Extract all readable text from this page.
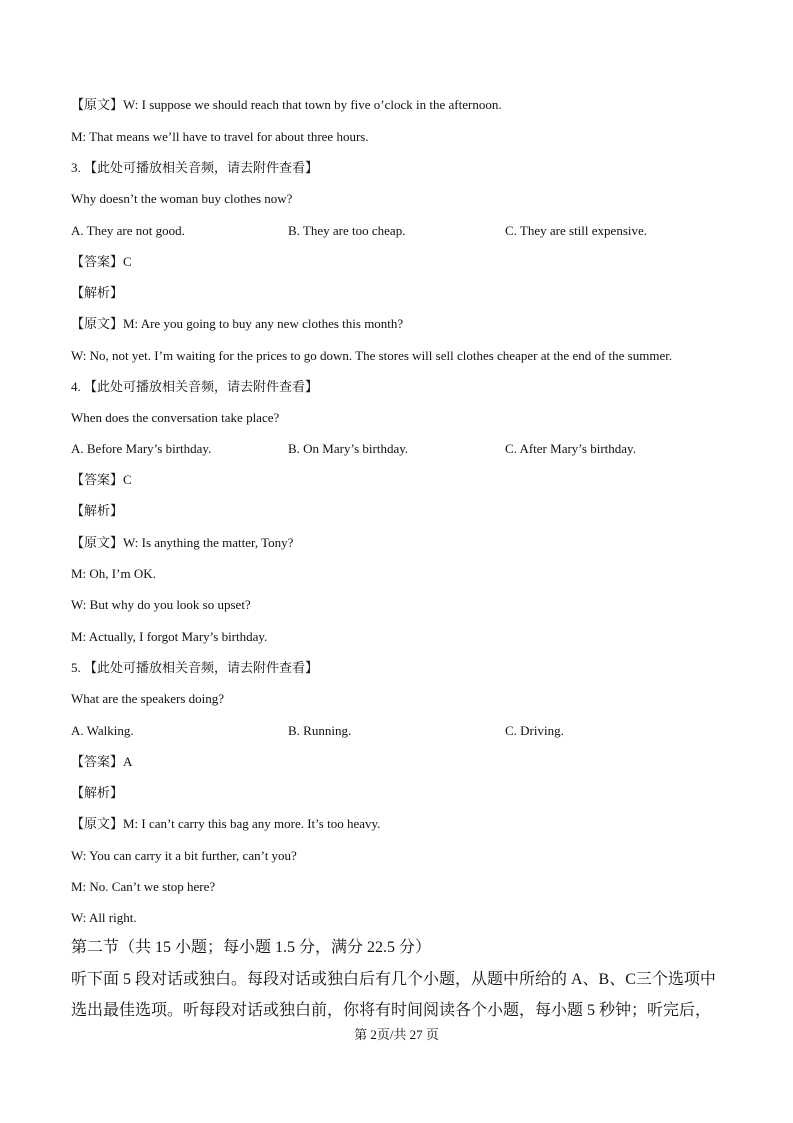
【原文】W: I suppose we should reach that town by five o’clock in the afternoon.
M: That means we’ll have to travel for about three hours.
3. 【此处可播放相关音频，请去附件查看】
Why doesn’t the woman buy clothes now?
A. They are not good.	B. They are too cheap.	C. They are still expensive.
【答案】C
【解析】
【原文】M: Are you going to buy any new clothes this month?
W: No, not yet. I’m waiting for the prices to go down. The stores will sell clothes cheaper at the end of the summer.
4. 【此处可播放相关音频，请去附件查看】
When does the conversation take place?
A. Before Mary’s birthday.	B. On Mary’s birthday.	C. After Mary’s birthday.
【答案】C
【解析】
【原文】W: Is anything the matter, Tony?
M: Oh, I’m OK.
W: But why do you look so upset?
M: Actually, I forgot Mary’s birthday.
5. 【此处可播放相关音频，请去附件查看】
What are the speakers doing?
A. Walking.	B. Running.	C. Driving.
【答案】A
【解析】
【原文】M: I can’t carry this bag any more. It’s too heavy.
W: You can carry it a bit further, can’t you?
M: No. Can’t we stop here?
W: All right.
第二节（共 15 小题；每小题 1.5 分，满分 22.5 分）
听下面 5 段对话或独白。每段对话或独白后有几个小题，从题中所给的 A、B、C三个选项中
选出最佳选项。听每段对话或独白前，你将有时间阅读各个小题，每小题 5 秒钟；听完后，
第 2页/共 27 页
